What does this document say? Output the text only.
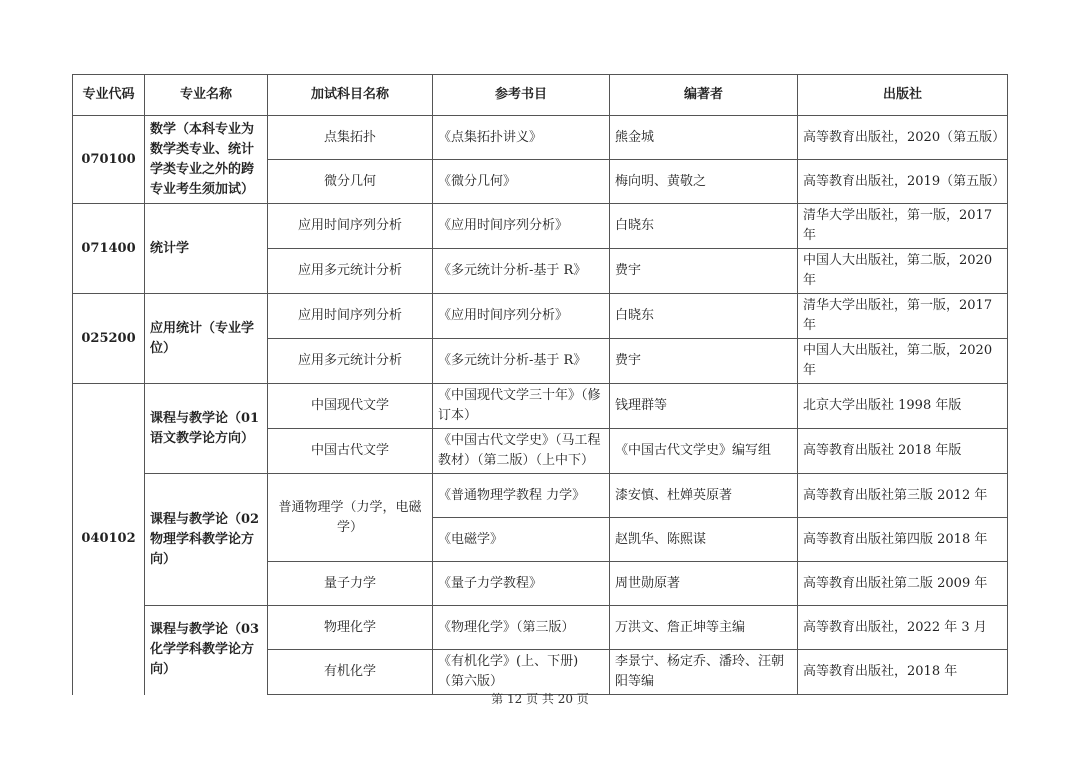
专业代码	专业名称	加试科目名称	参考书目	编著者	出版社
070100	数学（本科专业为数学类专业、统计学类专业之外的跨专业考生须加试）	点集拓扑	《点集拓扑讲义》	熊金城	高等教育出版社，2020（第五版）
		微分几何	《微分几何》	梅向明、黄敬之	高等教育出版社，2019（第五版）
071400	统计学	应用时间序列分析	《应用时间序列分析》	白晓东	清华大学出版社，第一版，2017 年
		应用多元统计分析	《多元统计分析-基于 R》	费宇	中国人大出版社，第二版，2020 年
025200	应用统计（专业学位）	应用时间序列分析	《应用时间序列分析》	白晓东	清华大学出版社，第一版，2017 年
		应用多元统计分析	《多元统计分析-基于 R》	费宇	中国人大出版社，第二版，2020 年
040102	课程与教学论（01 语文教学论方向）	中国现代文学	《中国现代文学三十年》（修订本）	钱理群等	北京大学出版社 1998 年版
		中国古代文学	《中国古代文学史》（马工程教材）（第二版）（上中下）	《中国古代文学史》编写组	高等教育出版社 2018 年版
	课程与教学论（02 物理学科教学论方向）	普通物理学（力学，电磁学）	《普通物理学教程 力学》	漆安慎、杜婵英原著	高等教育出版社第三版 2012 年
			《电磁学》	赵凯华、陈熙谋	高等教育出版社第四版 2018 年
		量子力学	《量子力学教程》	周世勋原著	高等教育出版社第二版 2009 年
	课程与教学论（03 化学学科教学论方向）	物理化学	《物理化学》（第三版）	万洪文、詹正坤等主编	高等教育出版社，2022 年 3 月
		有机化学	《有机化学》(上、下册)（第六版）	李景宁、杨定乔、潘玲、汪朝阳等编	高等教育出版社，2018 年
第 12 页 共 20 页
